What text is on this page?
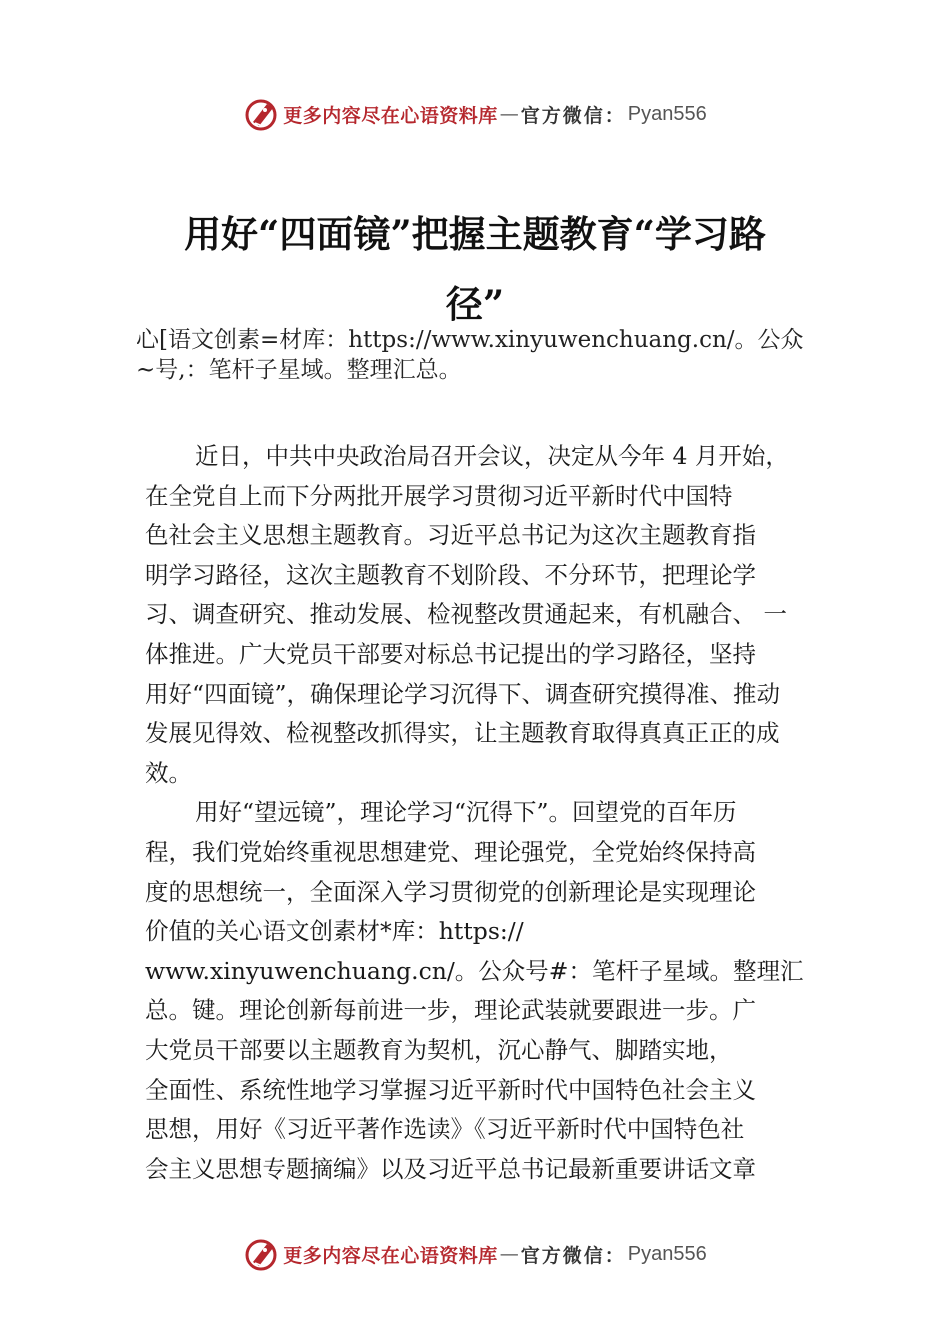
更多内容尽在心语资料库 — 官方微信： Pyan556
用好“四面镜”把握主题教育“学习路
径”

心[语文创素=材库：https://www.xinyuwenchuang.cn/。公众
~号,：笔杆子星域。整理汇总。

近日，中共中央政治局召开会议，决定从今年 4 月开始，
在全党自上而下分两批开展学习贯彻习近平新时代中国特
色社会主义思想主题教育。习近平总书记为这次主题教育指
明学习路径，这次主题教育不划阶段、不分环节，把理论学
习、调查研究、推动发展、检视整改贯通起来，有机融合、 一
体推进。广大党员干部要对标总书记提出的学习路径，坚持
用好“四面镜”，确保理论学习沉得下、调查研究摸得准、推动
发展见得效、检视整改抓得实，让主题教育取得真真正正的成
效。
用好“望远镜”，理论学习“沉得下”。回望党的百年历
程，我们党始终重视思想建党、理论强党，全党始终保持高
度的思想统一，全面深入学习贯彻党的创新理论是实现理论
价值的关心语文创素材*库：https://
www.xinyuwenchuang.cn/。公众号#：笔杆子星域。整理汇
总。键。理论创新每前进一步，理论武装就要跟进一步。广
大党员干部要以主题教育为契机，沉心静气、脚踏实地，
全面性、系统性地学习掌握习近平新时代中国特色社会主义
思想，用好《习近平著作选读》《习近平新时代中国特色社
会主义思想专题摘编》以及习近平总书记最新重要讲话文章
更多内容尽在心语资料库 — 官方微信： Pyan556
